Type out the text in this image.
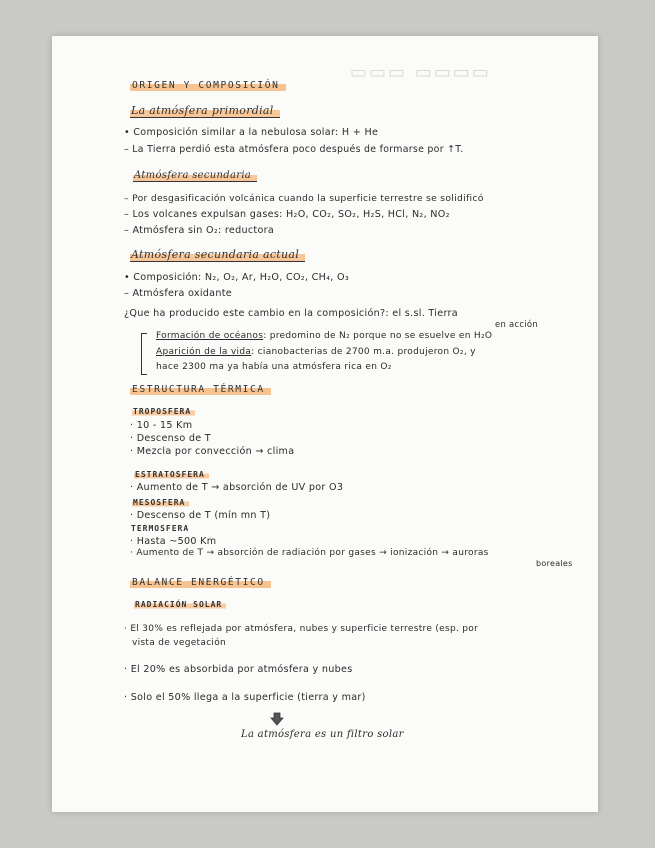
▭▭▭ ▭▭▭▭
ORIGEN Y COMPOSICIÓN
La atmósfera primordial
• Composición similar a la nebulosa solar: H + He
– La Tierra perdió esta atmósfera poco después de formarse por ↑T.
Atmósfera secundaria
– Por desgasificación volcánica cuando la superficie terrestre se solidificó
– Los volcanes expulsan gases: H₂O, CO₂, SO₂, H₂S, HCl, N₂, NO₂
– Atmósfera sin O₂: reductora
Atmósfera secundaria actual
• Composición: N₂, O₂, Ar, H₂O, CO₂, CH₄, O₃
– Atmósfera oxidante
¿Que ha producido este cambio en la composición?: el s.sl. Tierra
en acción
Formación de océanos: predomino de N₂ porque no se esuelve en H₂O
Aparición de la vida: cianobacterias de 2700 m.a. produjeron O₂, y
hace 2300 ma ya había una atmósfera rica en O₂
ESTRUCTURA TÉRMICA
TROPOSFERA
· 10 - 15 Km
· Descenso de T
· Mezcla por convección → clima
ESTRATOSFERA
· Aumento de T → absorción de UV por O3
MESOSFERA
· Descenso de T (mín mn T)
TERMOSFERA
· Hasta ~500 Km
· Aumento de T → absorción de radiación por gases → ionización → auroras
boreales
BALANCE ENERGÉTICO
RADIACIÓN SOLAR
· El 30% es reflejada por atmósfera, nubes y superficie terrestre (esp. por
vista de vegetación
· El 20% es absorbida por atmósfera y nubes
· Solo el 50% llega a la superficie (tierra y mar)
La atmósfera es un filtro solar
